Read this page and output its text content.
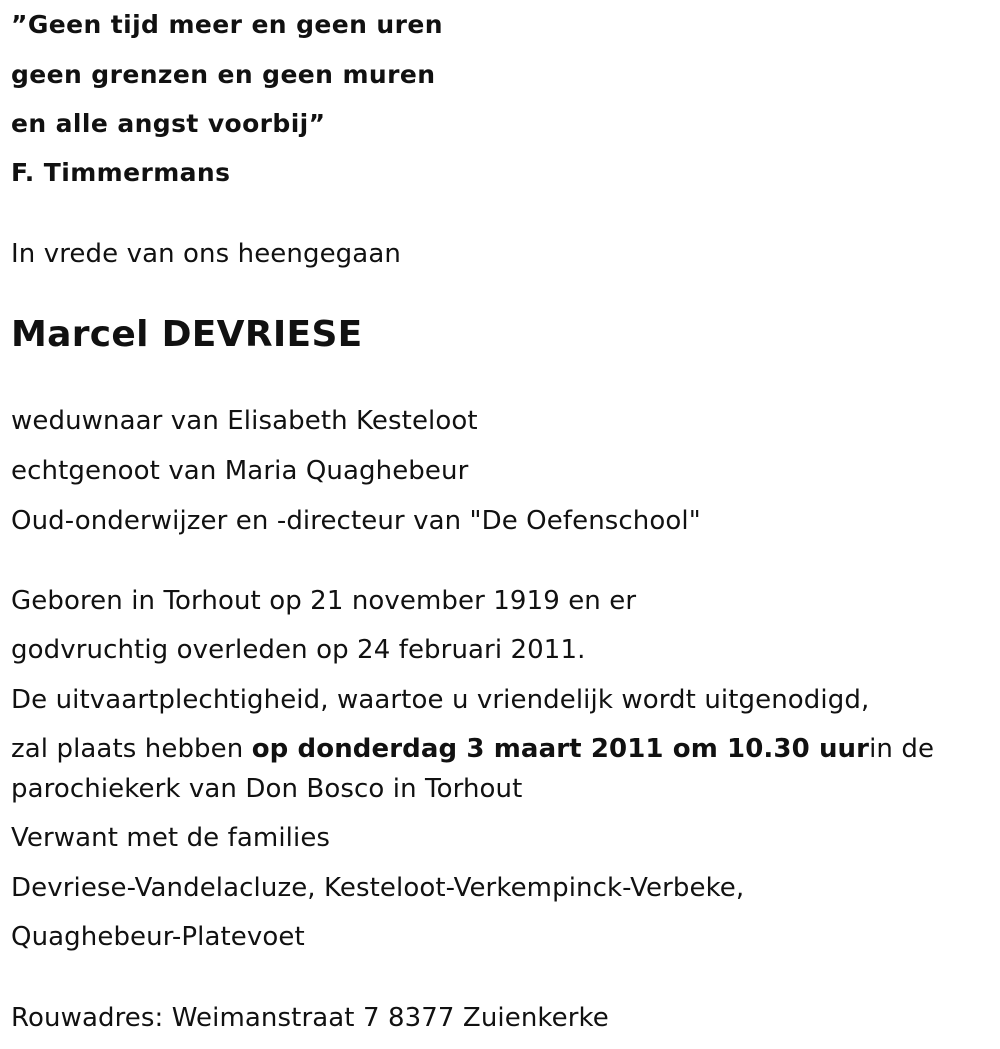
”Geen tijd meer en geen uren
geen grenzen en geen muren
en alle angst voorbij”
F. Timmermans
In vrede van ons heengegaan
Marcel DEVRIESE
weduwnaar van Elisabeth Kesteloot
echtgenoot van Maria Quaghebeur
Oud-onderwijzer en -directeur van "De Oefenschool"
Geboren in Torhout op 21 november 1919 en er
godvruchtig overleden op 24 februari 2011.
De uitvaartplechtigheid, waartoe u vriendelijk wordt uitgenodigd,
zal plaats hebben op donderdag 3 maart 2011 om 10.30 uurin de
parochiekerk van Don Bosco in Torhout
Verwant met de families
Devriese-Vandelacluze, Kesteloot-Verkempinck-Verbeke,
Quaghebeur-Platevoet
Rouwadres: Weimanstraat 7 8377 Zuienkerke
